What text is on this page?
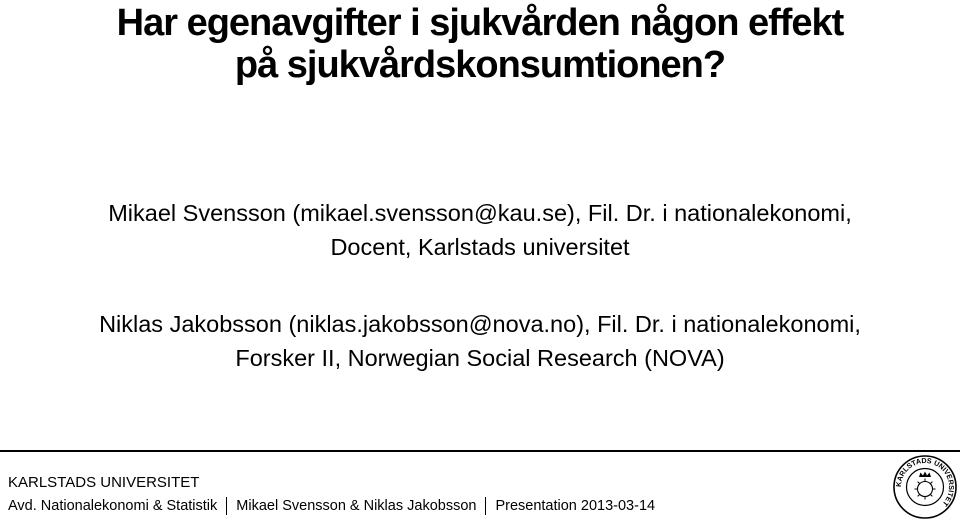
Har egenavgifter i sjukvården någon effekt
på sjukvårdskonsumtionen?
Mikael Svensson (mikael.svensson@kau.se), Fil. Dr. i nationalekonomi,
Docent, Karlstads universitet
Niklas Jakobsson (niklas.jakobsson@nova.no), Fil. Dr. i nationalekonomi,
Forsker II, Norwegian Social Research (NOVA)
KARLSTADS UNIVERSITET
Avd. Nationalekonomi & Statistik Mikael Svensson & Niklas Jakobsson Presentation 2013-03-14
KARLSTADS UNIVERSITET
